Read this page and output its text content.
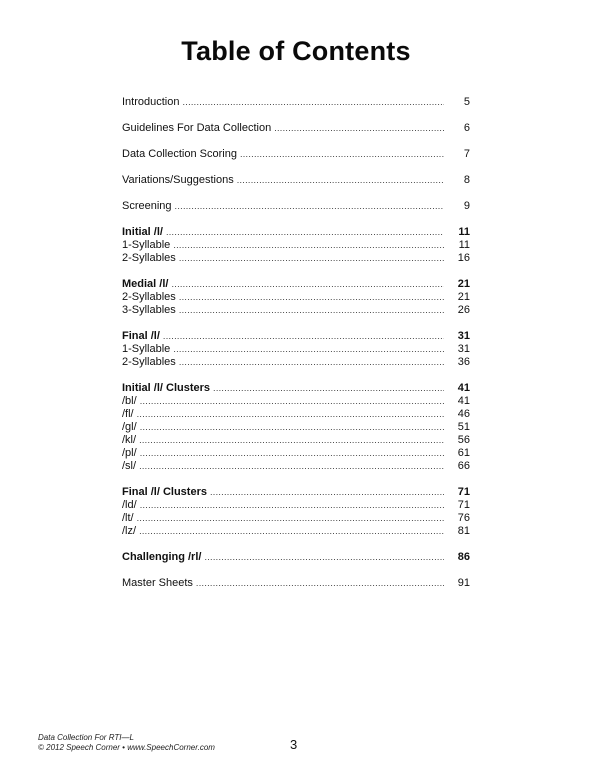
Table of Contents
Introduction .....	5
Guidelines For Data Collection .....	6
Data Collection Scoring .....	7
Variations/Suggestions .....	8
Screening .....	9
Initial /l/ .....	11
1-Syllable .....	11
2-Syllables .....	16
Medial /l/ .....	21
2-Syllables .....	21
3-Syllables .....	26
Final /l/ .....	31
1-Syllable .....	31
2-Syllables .....	36
Initial /l/ Clusters .....	41
/bl/ .....	41
/fl/ .....	46
/gl/ .....	51
/kl/ .....	56
/pl/ .....	61
/sl/ .....	66
Final /l/ Clusters .....	71
/ld/ .....	71
/lt/ .....	76
/lz/ .....	81
Challenging /rl/ .....	86
Master Sheets .....	91
Data Collection For RTI—L
© 2012 Speech Corner • www.SpeechCorner.com	3
